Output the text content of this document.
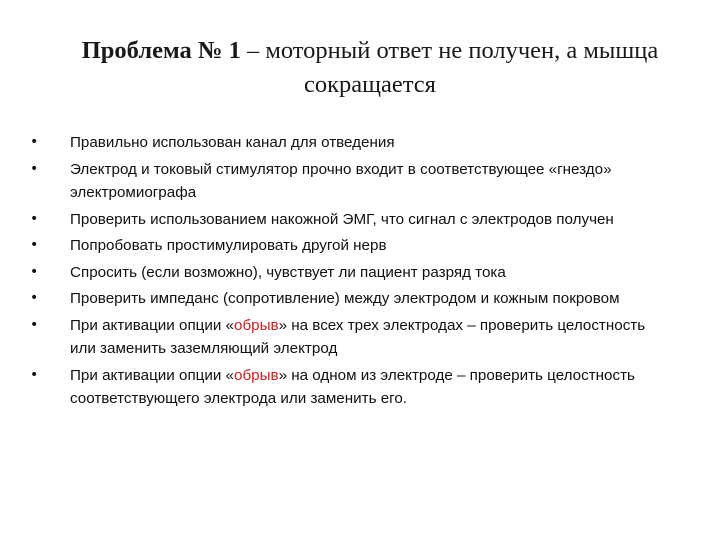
Проблема № 1 – моторный ответ не получен, а мышца сокращается
•	Правильно использован канал для отведения
•	Электрод и токовый стимулятор прочно входит в соответствующее «гнездо» электромиографа
•	Проверить использованием накожной ЭМГ, что сигнал с электродов получен
•	Попробовать простимулировать другой нерв
•	Спросить (если возможно), чувствует ли пациент разряд тока
•	Проверить импеданс (сопротивление) между электродом и кожным покровом
•	При активации опции «обрыв» на всех трех электродах – проверить целостность или заменить заземляющий электрод
•	При активации опции «обрыв» на одном из электроде – проверить целостность соответствующего электрода или заменить его.
